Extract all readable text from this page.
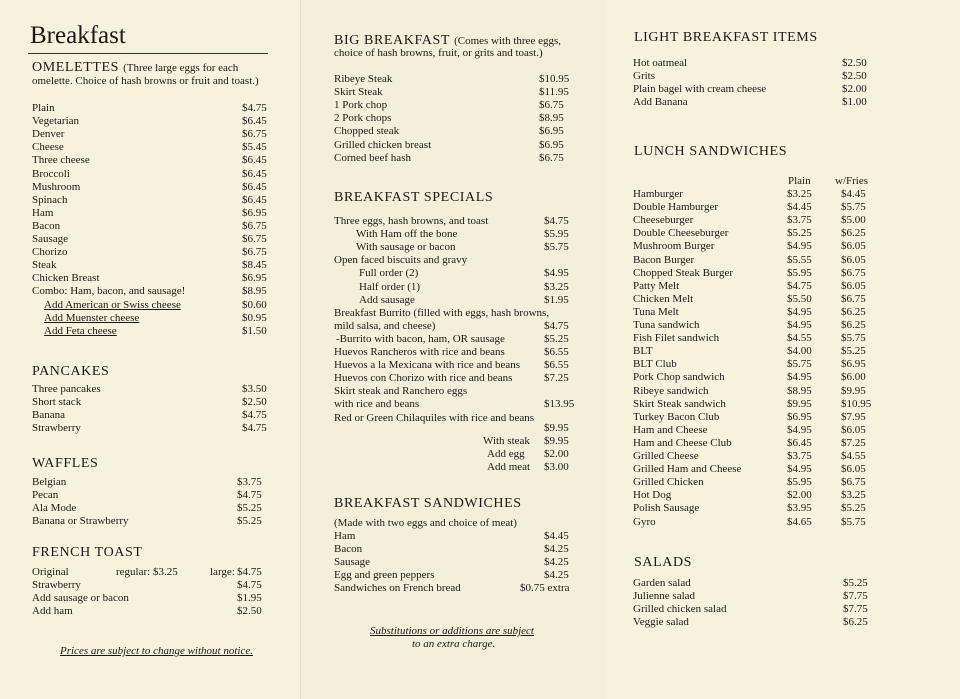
Breakfast
OMELETTES (Three large eggs for each
omelette. Choice of hash browns or fruit and toast.)
Plain	$4.75
Vegetarian	$6.45
Denver	$6.75
Cheese	$5.45
Three cheese	$6.45
Broccoli	$6.45
Mushroom	$6.45
Spinach	$6.45
Ham	$6.95
Bacon	$6.75
Sausage	$6.75
Chorizo	$6.75
Steak	$8.45
Chicken Breast	$6.95
Combo: Ham, bacon, and sausage!	$8.95
Add American or Swiss cheese	$0.60
Add Muenster cheese	$0.95
Add Feta cheese	$1.50
PANCAKES
Three pancakes	$3.50
Short stack	$2.50
Banana	$4.75
Strawberry	$4.75
WAFFLES
Belgian	$3.75
Pecan	$4.75
Ala Mode	$5.25
Banana or Strawberry	$5.25
FRENCH TOAST
Original	regular: $3.25	large: $4.75
Strawberry	$4.75
Add sausage or bacon	$1.95
Add ham	$2.50
Prices are subject to change without notice.
BIG BREAKFAST (Comes with three eggs,
choice of hash browns, fruit, or grits and toast.)
Ribeye Steak	$10.95
Skirt Steak	$11.95
1 Pork chop	$6.75
2 Pork chops	$8.95
Chopped steak	$6.95
Grilled chicken breast	$6.95
Corned beef hash	$6.75
BREAKFAST SPECIALS
Three eggs, hash browns, and toast	$4.75
With Ham off the bone	$5.95
With sausage or bacon	$5.75
Open faced biscuits and gravy
Full order (2)	$4.95
Half order (1)	$3.25
Add sausage	$1.95
Breakfast Burrito (filled with eggs, hash browns,
mild salsa, and cheese)	$4.75
-Burrito with bacon, ham, OR sausage	$5.25
Huevos Rancheros with rice and beans	$6.55
Huevos a la Mexicana with rice and beans $6.55
Huevos con Chorizo with rice and beans	$7.25
Skirt steak and Ranchero eggs
with rice and beans	$13.95
Red or Green Chilaquiles with rice and beans
$9.95
With steak $9.95
Add egg $2.00
Add meat $3.00
BREAKFAST SANDWICHES
(Made with two eggs and choice of meat)
Ham	$4.45
Bacon	$4.25
Sausage	$4.25
Egg and green peppers	$4.25
Sandwiches on French bread	$0.75 extra
Substitutions or additions are subject
to an extra charge.
LIGHT BREAKFAST ITEMS
Hot oatmeal	$2.50
Grits	$2.50
Plain bagel with cream cheese	$2.00
Add Banana	$1.00
LUNCH SANDWICHES
Plain w/Fries
Hamburger	$3.25	$4.45
Double Hamburger	$4.45	$5.75
Cheeseburger	$3.75	$5.00
Double Cheeseburger	$5.25	$6.25
Mushroom Burger	$4.95	$6.05
Bacon Burger	$5.55	$6.05
Chopped Steak Burger	$5.95	$6.75
Patty Melt	$4.75	$6.05
Chicken Melt	$5.50	$6.75
Tuna Melt	$4.95	$6.25
Tuna sandwich	$4.95	$6.25
Fish Filet sandwich	$4.55	$5.75
BLT	$4.00	$5.25
BLT Club	$5.75	$6.95
Pork Chop sandwich	$4.95	$6.00
Ribeye sandwich	$8.95	$9.95
Skirt Steak sandwich	$9.95	$10.95
Turkey Bacon Club	$6.95	$7.95
Ham and Cheese	$4.95	$6.05
Ham and Cheese Club	$6.45	$7.25
Grilled Cheese	$3.75	$4.55
Grilled Ham and Cheese	$4.95	$6.05
Grilled Chicken	$5.95	$6.75
Hot Dog	$2.00	$3.25
Polish Sausage	$3.95	$5.25
Gyro	$4.65	$5.75
SALADS
Garden salad	$5.25
Julienne salad	$7.75
Grilled chicken salad	$7.75
Veggie salad	$6.25
